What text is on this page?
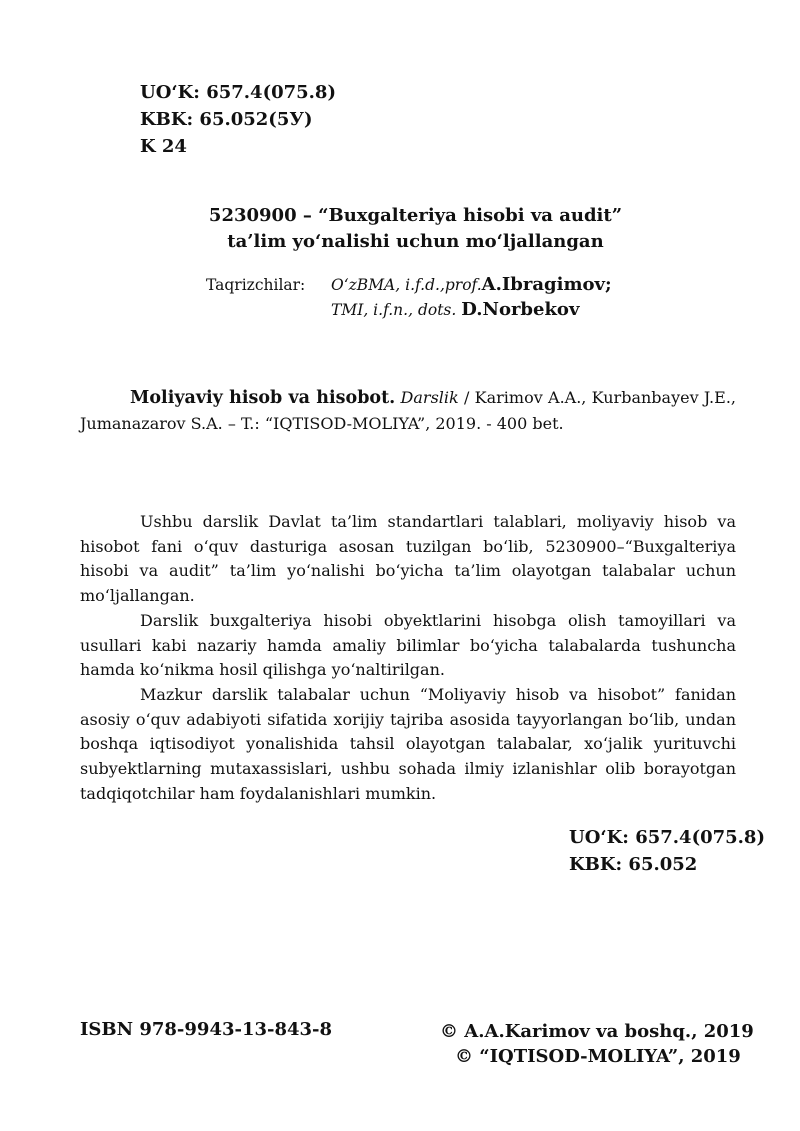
UO‘K: 657.4(075.8)
KBK: 65.052(5У)
K 24
5230900 – “Buxgalteriya hisobi va audit”
ta’lim yo‘nalishi uchun mo‘ljallangan
Taqrizchilar: O‘zBMA, i.f.d.,prof.A.Ibragimov;
TMI, i.f.n., dots. D.Norbekov

Moliyaviy hisob va hisobot. Darslik / Karimov A.A., Kurbanbayev J.E., Jumanazarov S.A. – T.: “IQTISOD-MOLIYA”, 2019. - 400 bet.

Ushbu darslik Davlat ta’lim standartlari talablari, moliyaviy hisob va hisobot fani o‘quv dasturiga asosan tuzilgan bo‘lib, 5230900–“Buxgalteriya hisobi va audit” ta’lim yo‘nalishi bo‘yicha ta’lim olayotgan talabalar uchun mo‘ljallangan.

Darslik buxgalteriya hisobi obyektlarini hisobga olish tamoyillari va usullari kabi nazariy hamda amaliy bilimlar bo‘yicha talabalarda tushuncha hamda ko‘nikma hosil qilishga yo‘naltirilgan.

Mazkur darslik talabalar uchun “Moliyaviy hisob va hisobot” fanidan asosiy o‘quv adabiyoti sifatida xorijiy tajriba asosida tayyorlangan bo‘lib, undan boshqa iqtisodiyot yonalishida tahsil olayotgan talabalar, xo‘jalik yurituvchi subyektlarning mutaxassislari, ushbu sohada ilmiy izlanishlar olib borayotgan tadqiqotchilar ham foydalanishlari mumkin.

UO‘K: 657.4(075.8)
KBK: 65.052
ISBN 978-9943-13-843-8	© A.A.Karimov va boshq., 2019
© “IQTISOD-MOLIYA”, 2019
